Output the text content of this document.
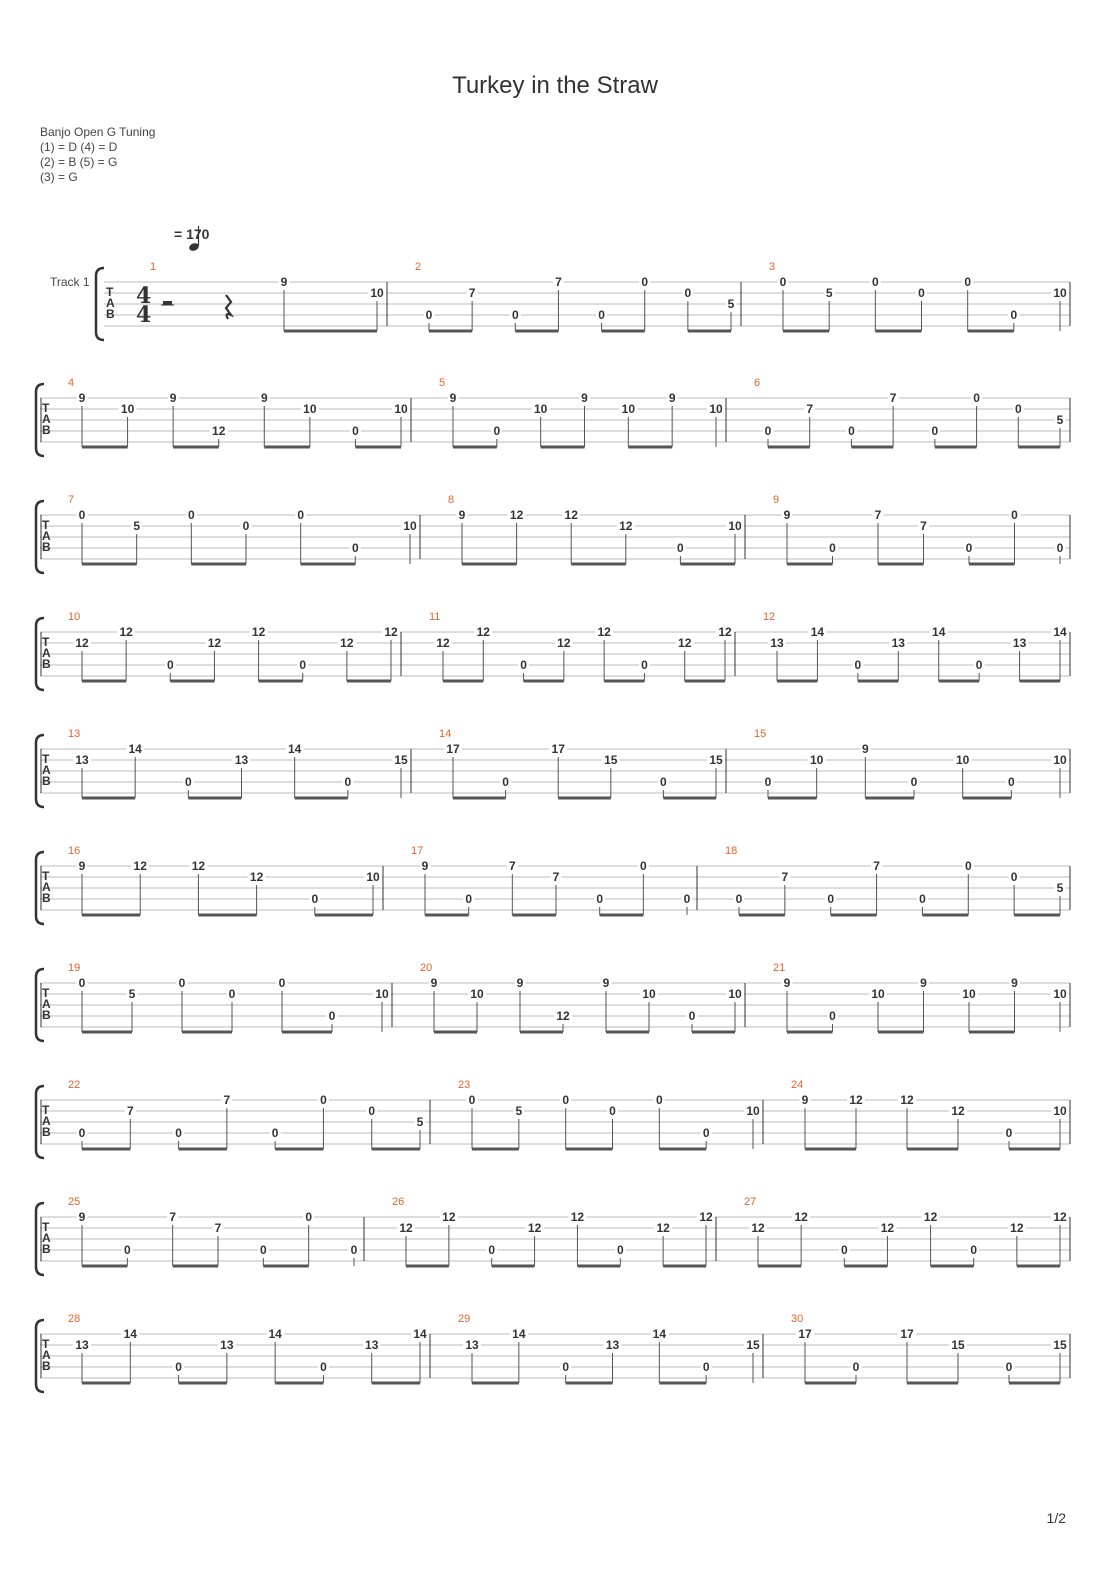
Turkey in the Straw
Banjo Open G Tuning
(1) = D (4) = D
(2) = B (5) = G
(3) = G
= 170
T
A
B
Track 1
4
4
1
9
10
2
0
7
0
7
0
0
0
5
3
0
5
0
0
0
0
10
T
A
B
4
9
10
9
12
9
10
0
10
5
9
0
10
9
10
9
10
6
0
7
0
7
0
0
0
5
T
A
B
7
0
5
0
0
0
0
10
8
9	12	12
12
0
10
9
9
0
7
7
0
0
0
T
A
B
10
12
12
0
12
12
0
12
12
11
12
12
0
12
12
0
12
12
12
13
14
0
13
14
0
13
14
T
A
B
13
13
14
0
13
14
0
15
14
17
0
17
15
0
15
15
0
10
9
0
10
0
10
T
A
B
16
9	12	12
12
0
10
17
9
0
7
7
0
0
0
18
0
7
0
7
0
0
0
5
T
A
B
19
0
5
0
0
0
0
10
20
9
10
9
12
9
10
0
10
21
9
0
10
9
10
9
10
T
A
B
22
0
7
0
7
0
0
0
5
23
0
5
0
0
0
0
10
24
9	12	12
12
0
10
T
A
B
25
9
0
7
7
0
0
0
26
12
12
0
12
12
0
12
12
27
12
12
0
12
12
0
12
12
T
A
B
28
13
14
0
13
14
0
13
14
29
13
14
0
13
14
0
15
30
17
0
17
15
0
15
1/2
